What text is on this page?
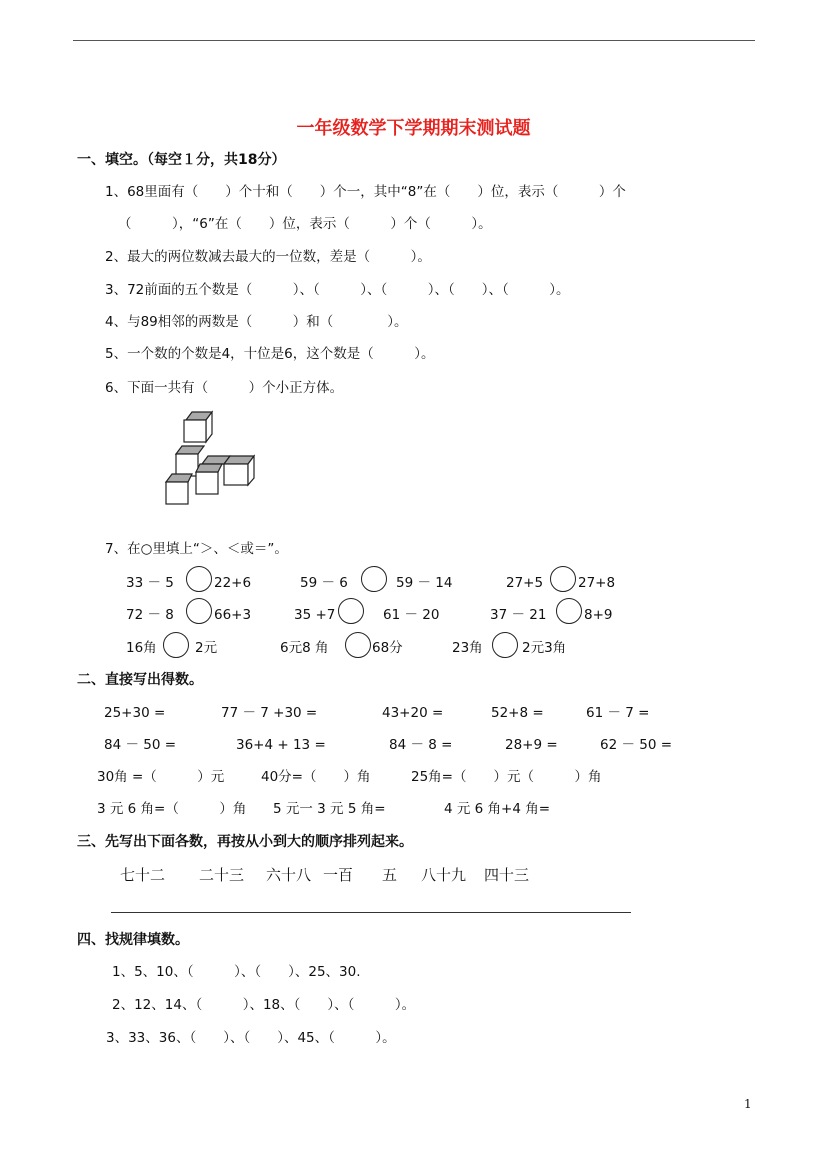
一年级数学下学期期末测试题
一、填空。（每空１分，共18分）
1、68里面有（　　）个十和（　　）个一，其中“8”在（　　）位，表示（　　　）个
（　　　），“6”在（　　）位，表示（　　　）个（　　　）。
2、最大的两位数减去最大的一位数，差是（　　　）。
3、72前面的五个数是（　　　）、（　　　）、（　　　）、（　　）、（　　　）。
4、与89相邻的两数是（　　　）和（　　　　）。
5、一个数的个数是4，十位是6，这个数是（　　　）。
6、下面一共有（　　　）个小正方体。
7、在○里填上“＞、＜或＝”。
33 － 5	22+6	59 － 6	59 － 14	27+5	27+8
72 － 8	66+3	35 +7	61 － 20	37 － 21	8+9
16角	2元	6元8 角	68分	23角	2元3角
二、直接写出得数。
25+30 =	77 － 7 +30 =	43+20 =	52+8 =	61 － 7 =
84 － 50 =	36+4 + 13 =	84 － 8 =	28+9 =	62 － 50 =
30角 =（　　　）元	40分=（　　）角	25角=（　　）元（　　　）角
3 元 6 角=（　　　）角 5 元一 3 元 5 角=	4 元 6 角+4 角=
三、先写出下面各数，再按从小到大的顺序排列起来。
七十二 二十三 六十八 一百 五 八十九 四十三
四、找规律填数。
1、5、10、（　　　）、（　　）、25、30.
2、12、14、（　　　）、18、（　　）、（　　　）。
3、33、36、（　　）、（　　）、45、（　　　）。
1
